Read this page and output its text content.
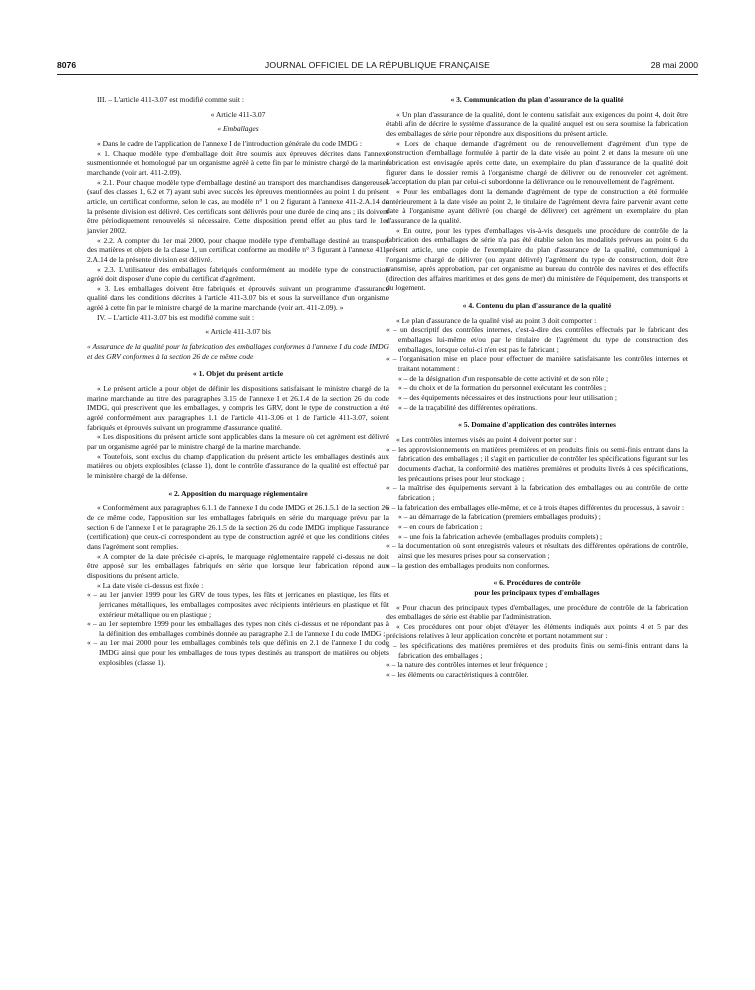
8076	JOURNAL OFFICIEL DE LA RÉPUBLIQUE FRANÇAISE	28 mai 2000

III. – L'article 411-3.07 est modifié comme suit :

« Article 411-3.07

« Emballages

« Dans le cadre de l'application de l'annexe I de l'introduction générale du code IMDG :

« 1. Chaque modèle type d'emballage doit être soumis aux épreuves décrites dans l'annexe susmentionnée et homologué par un organisme agréé à cette fin par le ministre chargé de la marine marchande (voir art. 411-2.09).

« 2.1. Pour chaque modèle type d'emballage destiné au transport des marchandises dangereuses (sauf des classes 1, 6.2 et 7) ayant subi avec succès les épreuves mentionnées au point 1 du présent article, un certificat conforme, selon le cas, au modèle n° 1 ou 2 figurant à l'annexe 411-2.A.14 de la présente division est délivré. Ces certificats sont délivrés pour une durée de cinq ans ; ils doivent être périodiquement renouvelés si nécessaire. Cette disposition prend effet au plus tard le 1er janvier 2002.

« 2.2. A compter du 1er mai 2000, pour chaque modèle type d'emballage destiné au transport des matières et objets de la classe 1, un certificat conforme au modèle n° 3 figurant à l'annexe 411-2.A.14 de la présente division est délivré.

« 2.3. L'utilisateur des emballages fabriqués conformément au modèle type de construction agréé doit disposer d'une copie du certificat d'agrément.

« 3. Les emballages doivent être fabriqués et éprouvés suivant un programme d'assurance qualité dans les conditions décrites à l'article 411-3.07 bis et sous la surveillance d'un organisme agréé à cette fin par le ministre chargé de la marine marchande (voir art. 411-2.09). »

IV. – L'article 411-3.07 bis est modifié comme suit :

« Article 411-3.07 bis

« Assurance de la qualité pour la fabrication des emballages conformes à l'annexe I du code IMDG et des GRV conformes à la section 26 de ce même code

« 1. Objet du présent article

« Le présent article a pour objet de définir les dispositions satisfaisant le ministre chargé de la marine marchande au titre des paragraphes 3.15 de l'annexe I et 26.1.4 de la section 26 du code IMDG, qui prescrivent que les emballages, y compris les GRV, dont le type de construction a été agréé conformément aux paragraphes 1.1 de l'article 411-3.06 et 1 de l'article 411-3.07, soient fabriqués et éprouvés suivant un programme d'assurance qualité.

« Les dispositions du présent article sont applicables dans la mesure où cet agrément est délivré par un organisme agréé par le ministre chargé de la marine marchande.

« Toutefois, sont exclus du champ d'application du présent article les emballages destinés aux matières ou objets explosibles (classe 1), dont le contrôle d'assurance de la qualité est effectué par le ministère chargé de la défense.

« 2. Apposition du marquage réglementaire

« Conformément aux paragraphes 6.1.1 de l'annexe I du code IMDG et 26.1.5.1 de la section 26 de ce même code, l'apposition sur les emballages fabriqués en série du marquage prévu par la section 6 de l'annexe I et le paragraphe 26.1.5 de la section 26 du code IMDG implique l'assurance (certification) que ceux-ci correspondent au type de construction agréé et que les conditions citées dans l'agrément sont remplies.

« A compter de la date précisée ci-après, le marquage réglementaire rappelé ci-dessus ne doit être apposé sur les emballages fabriqués en série que lorsque leur fabrication répond aux dispositions du présent article.

« La date visée ci-dessus est fixée :

« – au 1er janvier 1999 pour les GRV de tous types, les fûts et jerricanes en plastique, les fûts et jerricanes métalliques, les emballages composites avec récipients intérieurs en plastique et fût extérieur métallique ou en plastique ;

« – au 1er septembre 1999 pour les emballages des types non cités ci-dessus et ne répondant pas à la définition des emballages combinés donnée au paragraphe 2.1 de l'annexe I du code IMDG ;

« – au 1er mai 2000 pour les emballages combinés tels que définis en 2.1 de l'annexe I du code IMDG ainsi que pour les emballages de tous types destinés au transport de matières ou objets explosibles (classe 1).

« 3. Communication du plan d'assurance de la qualité

« Un plan d'assurance de la qualité, dont le contenu satisfait aux exigences du point 4, doit être établi afin de décrire le système d'assurance de la qualité auquel est ou sera soumise la fabrication des emballages de série pour répondre aux dispositions du présent article.

« Lors de chaque demande d'agrément ou de renouvellement d'agrément d'un type de construction d'emballage formulée à partir de la date visée au point 2 et dans la mesure où une fabrication est envisagée après cette date, un exemplaire du plan d'assurance de la qualité doit figurer dans le dossier remis à l'organisme chargé de délivrer ou de renouveler cet agrément. L'acceptation du plan par celui-ci subordonne la délivrance ou le renouvellement de l'agrément.

« Pour les emballages dont la demande d'agrément de type de construction a été formulée antérieurement à la date visée au point 2, le titulaire de l'agrément devra faire parvenir avant cette date à l'organisme ayant délivré (ou chargé de délivrer) cet agrément un exemplaire du plan d'assurance de la qualité.

« En outre, pour les types d'emballages vis-à-vis desquels une procédure de contrôle de la fabrication des emballages de série n'a pas été établie selon les modalités prévues au point 6 du présent article, une copie de l'exemplaire du plan d'assurance de la qualité, communiqué à l'organisme chargé de délivrer (ou ayant délivré) l'agrément du type de construction, doit être transmise, après approbation, par cet organisme au bureau du contrôle des navires et des effectifs (direction des affaires maritimes et des gens de mer) du ministère de l'équipement, des transports et du logement.

« 4. Contenu du plan d'assurance de la qualité

« Le plan d'assurance de la qualité visé au point 3 doit comporter :

« – un descriptif des contrôles internes, c'est-à-dire des contrôles effectués par le fabricant des emballages lui-même et/ou par le titulaire de l'agrément du type de construction des emballages, lorsque celui-ci n'en est pas le fabricant ;

« – l'organisation mise en place pour effectuer de manière satisfaisante les contrôles internes et traitant notamment :

« – de la désignation d'un responsable de cette activité et de son rôle ;

« – du choix et de la formation du personnel exécutant les contrôles ;

« – des équipements nécessaires et des instructions pour leur utilisation ;

« – de la traçabilité des différentes opérations.

« 5. Domaine d'application des contrôles internes

« Les contrôles internes visés au point 4 doivent porter sur :

« – les approvisionnements en matières premières et en produits finis ou semi-finis entrant dans la fabrication des emballages ; il s'agit en particulier de contrôler les spécifications figurant sur les documents d'achat, la conformité des matières premières et produits livrés à ces spécifications, les précautions prises pour leur stockage ;

« – la maîtrise des équipements servant à la fabrication des emballages ou au contrôle de cette fabrication ;

« – la fabrication des emballages elle-même, et ce à trois étapes différentes du processus, à savoir :

« – au démarrage de la fabrication (premiers emballages produits) ;

« – en cours de fabrication ;

« – une fois la fabrication achevée (emballages produits complets) ;

« – la documentation où sont enregistrés valeurs et résultats des différentes opérations de contrôle, ainsi que les mesures prises pour sa conservation ;

« – la gestion des emballages produits non conformes.

« 6. Procédures de contrôle

pour les principaux types d'emballages

« Pour chacun des principaux types d'emballages, une procédure de contrôle de la fabrication des emballages de série est établie par l'administration.

« Ces procédures ont pour objet d'étayer les éléments indiqués aux points 4 et 5 par des précisions relatives à leur application concrète et portant notamment sur :

« – les spécifications des matières premières et des produits finis ou semi-finis entrant dans la fabrication des emballages ;

« – la nature des contrôles internes et leur fréquence ;

« – les éléments ou caractéristiques à contrôler.
